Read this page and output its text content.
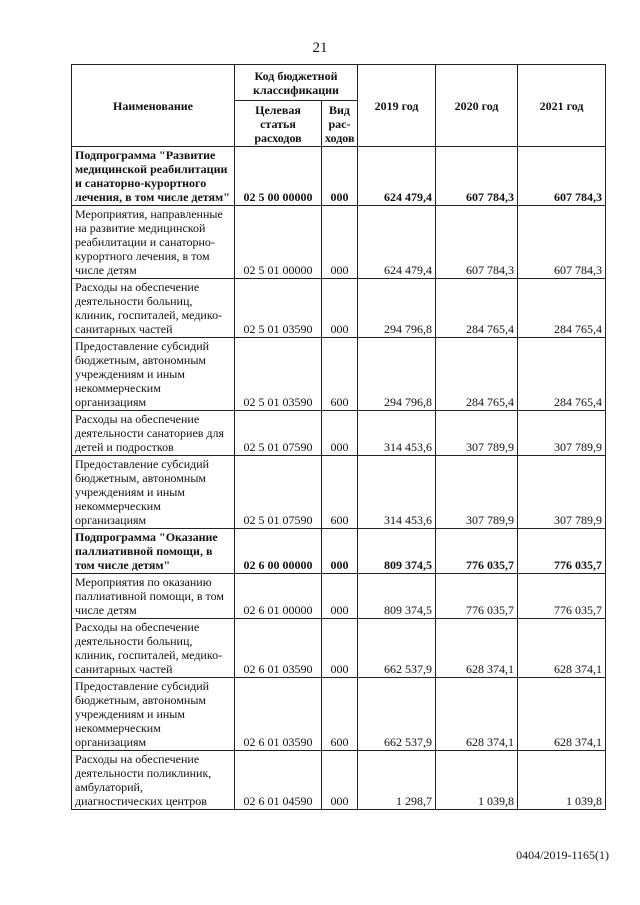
21
Наименование	Код бюджетной классификации		2019 год	2020 год	2021 год
	Целевая статья расходов	Вид рас-ходов			
Подпрограмма "Развитие медицинской реабилитации и санаторно-курортного лечения, в том числе детям"	02 5 00 00000	000	624 479,4	607 784,3	607 784,3
Мероприятия, направленные на развитие медицинской реабилитации и санаторно-курортного лечения, в том числе детям	02 5 01 00000	000	624 479,4	607 784,3	607 784,3
Расходы на обеспечение деятельности больниц, клиник, госпиталей, медико-санитарных частей	02 5 01 03590	000	294 796,8	284 765,4	284 765,4
Предоставление субсидий бюджетным, автономным учреждениям и иным некоммерческим организациям	02 5 01 03590	600	294 796,8	284 765,4	284 765,4
Расходы на обеспечение деятельности санаториев для детей и подростков	02 5 01 07590	000	314 453,6	307 789,9	307 789,9
Предоставление субсидий бюджетным, автономным учреждениям и иным некоммерческим организациям	02 5 01 07590	600	314 453,6	307 789,9	307 789,9
Подпрограмма "Оказание паллиативной помощи, в том числе детям"	02 6 00 00000	000	809 374,5	776 035,7	776 035,7
Мероприятия по оказанию паллиативной помощи, в том числе детям	02 6 01 00000	000	809 374,5	776 035,7	776 035,7
Расходы на обеспечение деятельности больниц, клиник, госпиталей, медико-санитарных частей	02 6 01 03590	000	662 537,9	628 374,1	628 374,1
Предоставление субсидий бюджетным, автономным учреждениям и иным некоммерческим организациям	02 6 01 03590	600	662 537,9	628 374,1	628 374,1
Расходы на обеспечение деятельности поликлиник, амбулаторий, диагностических центров	02 6 01 04590	000	1 298,7	1 039,8	1 039,8
0404/2019-1165(1)
